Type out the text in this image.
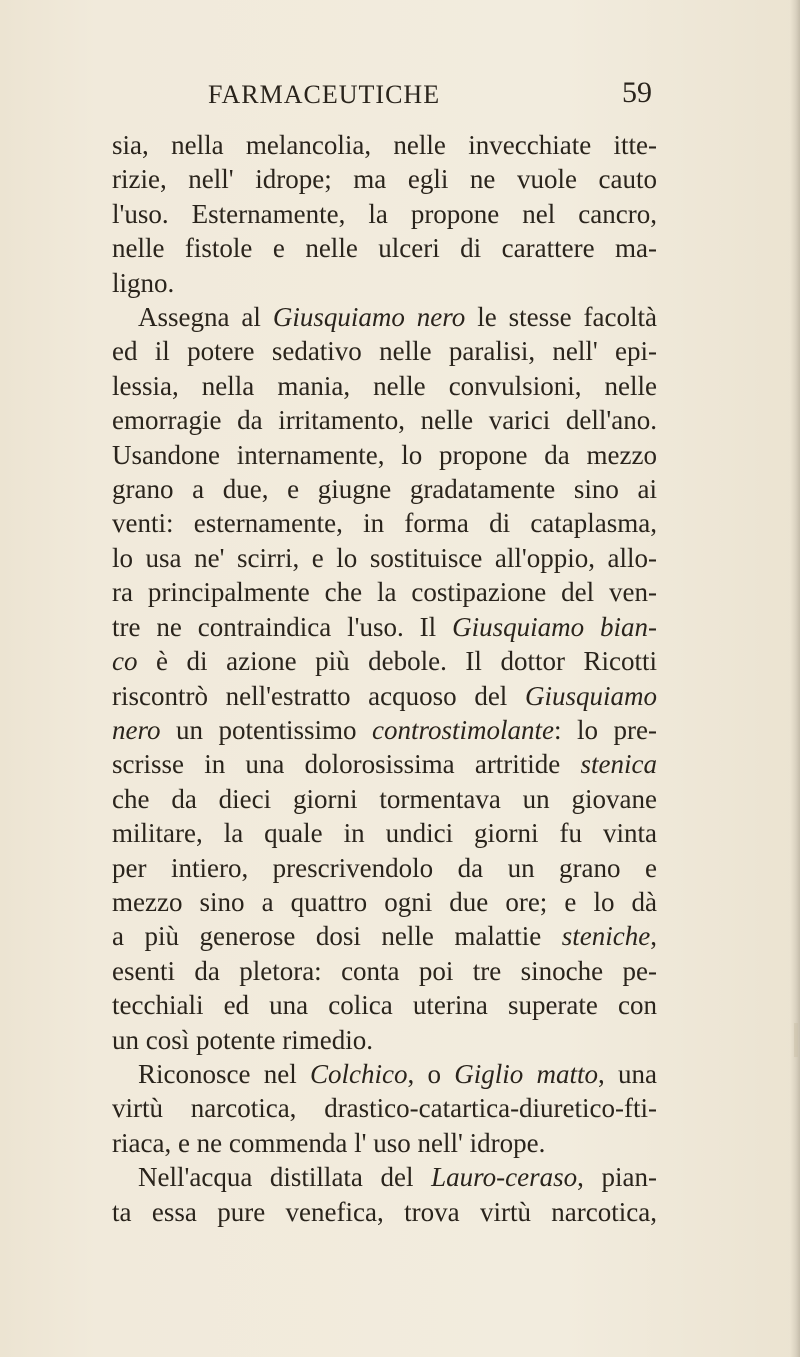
FARMACEUTICHE	59
sia, nella melancolia, nelle invecchiate itte-
rizie, nell' idrope; ma egli ne vuole cauto
l'uso. Esternamente, la propone nel cancro,
nelle fistole e nelle ulceri di carattere ma-
ligno.
Assegna al Giusquiamo nero le stesse facoltà
ed il potere sedativo nelle paralisi, nell' epi-
lessia, nella mania, nelle convulsioni, nelle
emorragie da irritamento, nelle varici dell'ano.
Usandone internamente, lo propone da mezzo
grano a due, e giugne gradatamente sino ai
venti: esternamente, in forma di cataplasma,
lo usa ne' scirri, e lo sostituisce all'oppio, allo-
ra principalmente che la costipazione del ven-
tre ne contraindica l'uso. Il Giusquiamo bian-
co è di azione più debole. Il dottor Ricotti
riscontrò nell'estratto acquoso del Giusquiamo
nero un potentissimo controstimolante: lo pre-
scrisse in una dolorosissima artritide stenica
che da dieci giorni tormentava un giovane
militare, la quale in undici giorni fu vinta
per intiero, prescrivendolo da un grano e
mezzo sino a quattro ogni due ore; e lo dà
a più generose dosi nelle malattie steniche,
esenti da pletora: conta poi tre sinoche pe-
tecchiali ed una colica uterina superate con
un così potente rimedio.
Riconosce nel Colchico, o Giglio matto, una
virtù narcotica, drastico-catartica-diuretico-fti-
riaca, e ne commenda l' uso nell' idrope.
Nell'acqua distillata del Lauro-ceraso, pian-
ta essa pure venefica, trova virtù narcotica,
